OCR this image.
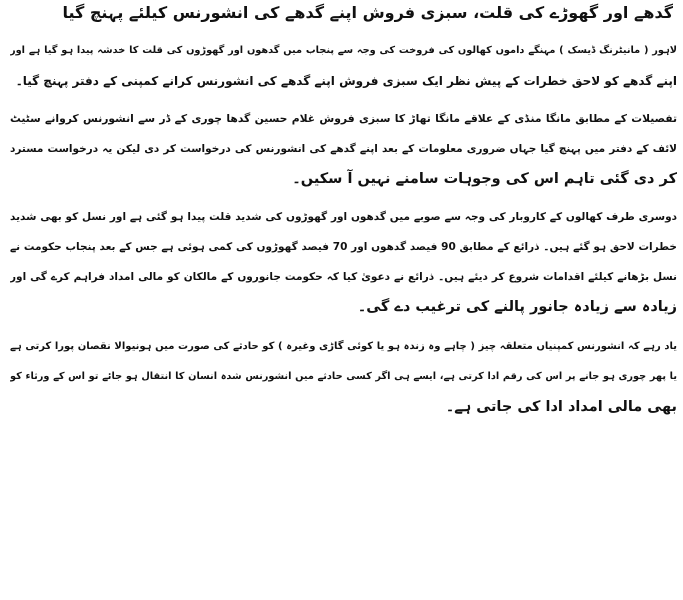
گدھے اور گھوڑے کی قلت، سبزی فروش اپنے گدھے کی انشورنس کیلئے پہنچ گیا
لاہور ( مانیٹرنگ ڈیسک ) مہنگے داموں کھالوں کی فروخت کی وجہ سے پنجاب میں گدھوں اور گھوڑوں کی قلت کا خدشہ پیدا ہو گیا ہے اور
اپنے گدھے کو لاحق خطرات کے پیش نظر ایک سبزی فروش اپنے گدھے کی انشورنس کرانے کمپنی کے دفتر پہنچ گیا۔
تفصیلات کے مطابق مانگا منڈی کے علاقے مانگا تھاڑ کا سبزی فروش غلام حسین گدھا چوری کے ڈر سے انشورنس کروانے سٹیٹ
لائف کے دفتر میں پہنچ گیا جہاں ضروری معلومات کے بعد اپنے گدھے کی انشورنس کی درخواست کر دی لیکن یہ درخواست مسترد
کر دی گئی تاہم اس کی وجوہات سامنے نہیں آ سکیں۔
دوسری طرف کھالوں کے کاروبار کی وجہ سے صوبے میں گدھوں اور گھوڑوں کی شدید قلت پیدا ہو گئی ہے اور نسل کو بھی شدید
خطرات لاحق ہو گئے ہیں۔ ذرائع کے مطابق 90 فیصد گدھوں اور 70 فیصد گھوڑوں کی کمی ہوئی ہے جس کے بعد پنجاب حکومت نے
نسل بڑھانے کیلئے اقدامات شروع کر دیئے ہیں۔ ذرائع نے دعویٰ کیا کہ حکومت جانوروں کے مالکان کو مالی امداد فراہم کرے گی اور
زیادہ سے زیادہ جانور پالنے کی ترغیب دے گی۔
یاد رہے کہ انشورنس کمپنیاں متعلقہ چیز ( چاہے وہ زندہ ہو یا کوئی گاڑی وغیرہ ) کو حادثے کی صورت میں ہونیوالا نقصان پورا کرتی ہے
یا پھر چوری ہو جانے پر اس کی رقم ادا کرتی ہے، ایسے ہی اگر کسی حادثے میں انشورنس شدہ انسان کا انتقال ہو جائے تو اس کے ورثاء کو
بھی مالی امداد ادا کی جاتی ہے۔
